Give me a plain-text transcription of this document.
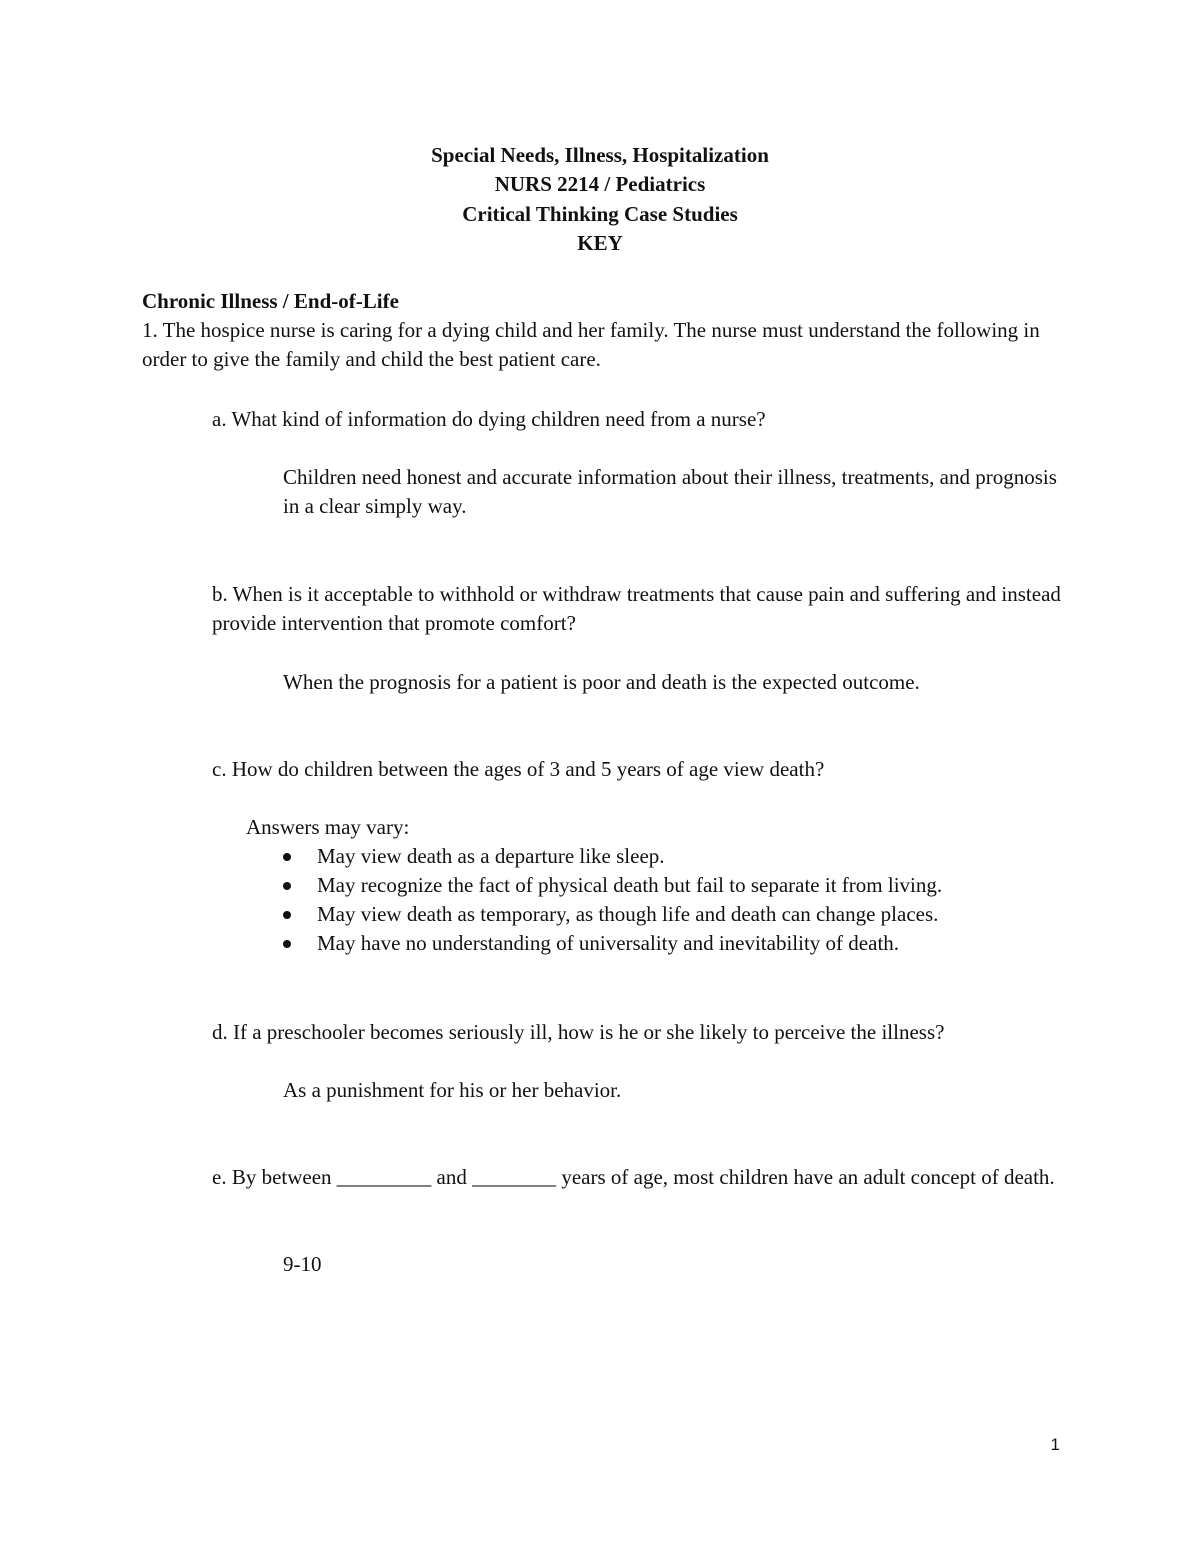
Special Needs, Illness, Hospitalization
NURS 2214 / Pediatrics
Critical Thinking Case Studies
KEY
Chronic Illness / End-of-Life
1. The hospice nurse is caring for a dying child and her family. The nurse must understand the following in order to give the family and child the best patient care.
a. What kind of information do dying children need from a nurse?
Children need honest and accurate information about their illness, treatments, and prognosis in a clear simply way.
b. When is it acceptable to withhold or withdraw treatments that cause pain and suffering and instead provide intervention that promote comfort?
When the prognosis for a patient is poor and death is the expected outcome.
c. How do children between the ages of 3 and 5 years of age view death?
Answers may vary:
May view death as a departure like sleep.
May recognize the fact of physical death but fail to separate it from living.
May view death as temporary, as though life and death can change places.
May have no understanding of universality and inevitability of death.
d. If a preschooler becomes seriously ill, how is he or she likely to perceive the illness?
As a punishment for his or her behavior.
e. By between _________ and ________ years of age, most children have an adult concept of death.
9-10
1
